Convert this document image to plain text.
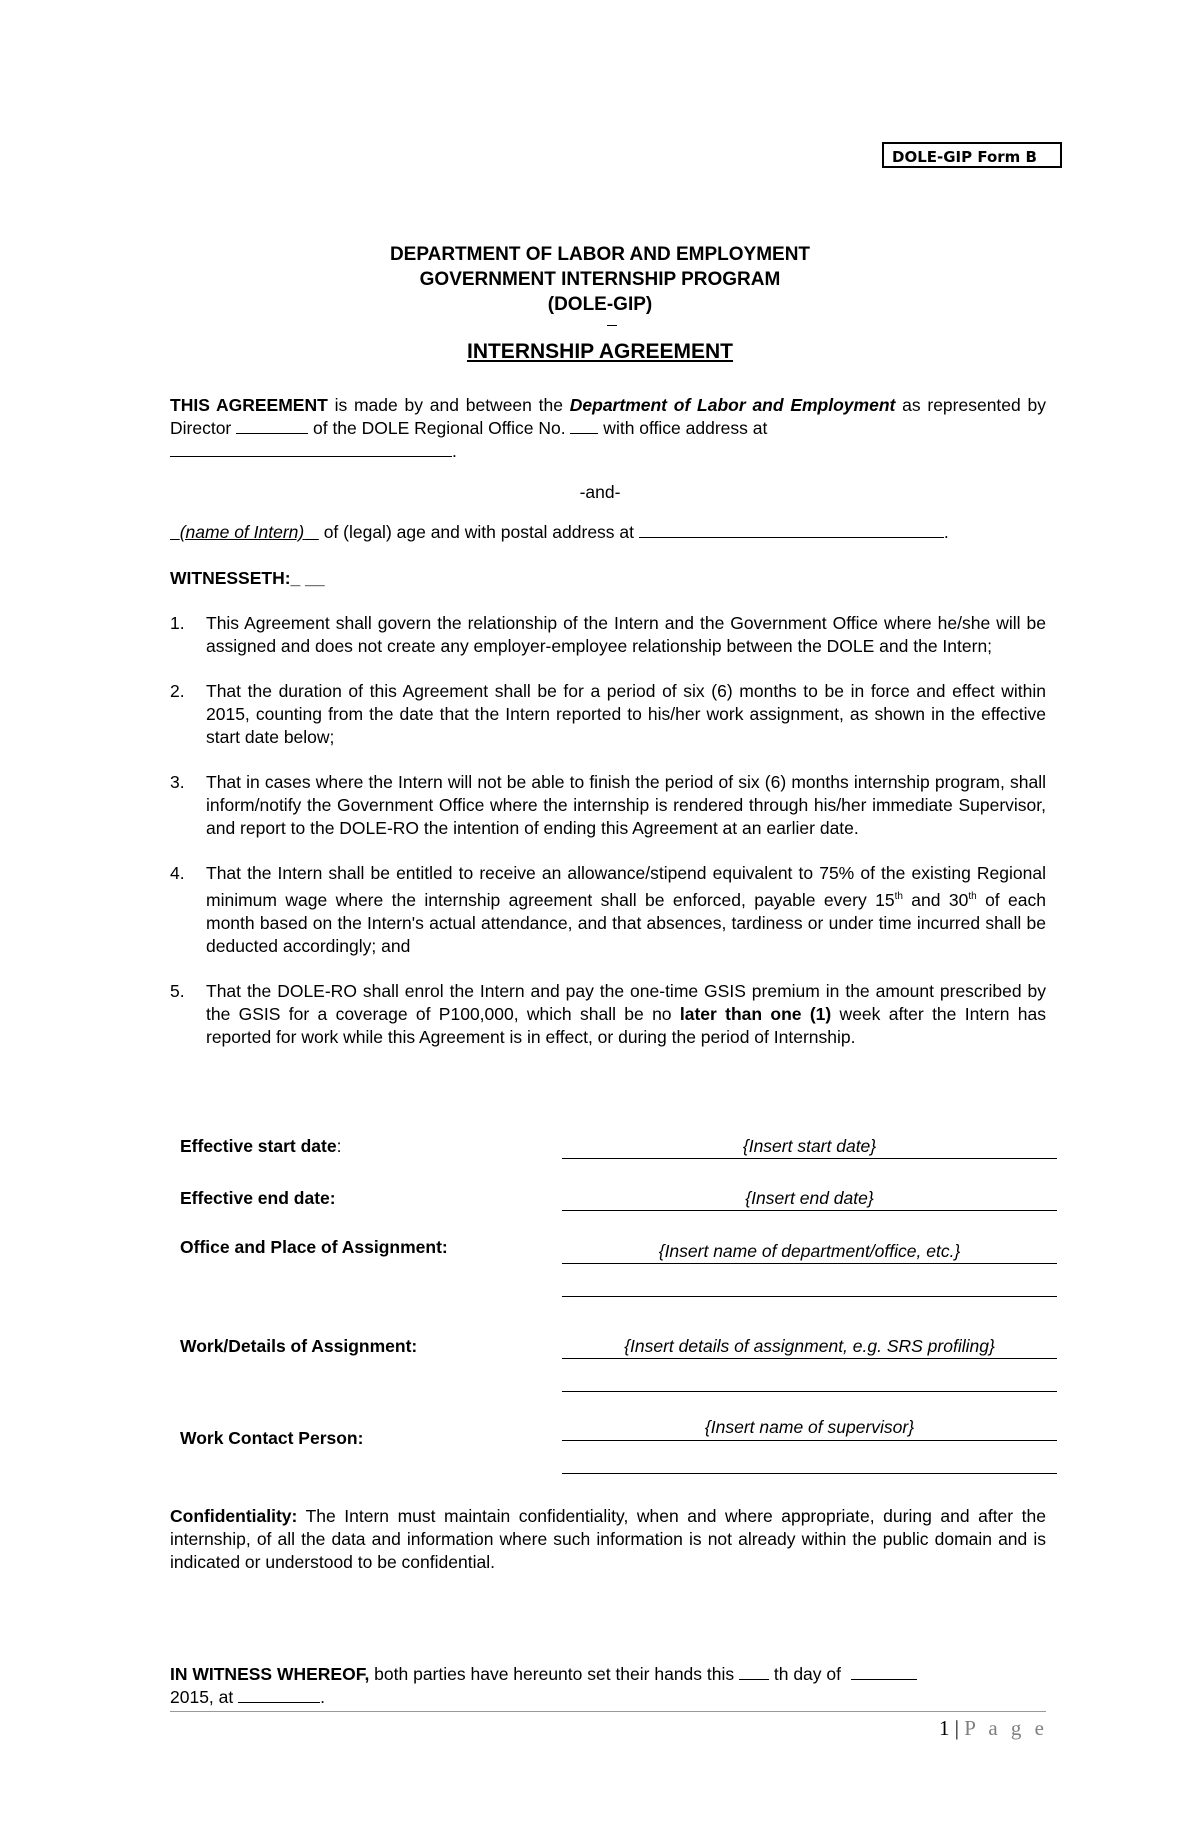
DOLE-GIP Form B
DEPARTMENT OF LABOR AND EMPLOYMENT
GOVERNMENT INTERNSHIP PROGRAM
(DOLE-GIP)
INTERNSHIP AGREEMENT
THIS AGREEMENT is made by and between the Department of Labor and Employment as represented by Director	of the DOLE Regional Office No.  with office address at
.
-and-
(name of Intern)    of (legal) age and with postal address at	.
WITNESSETH:_ __
1. This Agreement shall govern the relationship of the Intern and the Government Office where he/she will be assigned and does not create any employer-employee relationship between the DOLE and the Intern;
2. That the duration of this Agreement shall be for a period of six (6) months to be in force and effect within 2015, counting from the date that the Intern reported to his/her work assignment, as shown in the effective start date below;
3. That in cases where the Intern will not be able to finish the period of six (6) months internship program, shall inform/notify the Government Office where the internship is rendered through his/her immediate Supervisor, and report to the DOLE-RO the intention of ending this Agreement at an earlier date.
4. That the Intern shall be entitled to receive an allowance/stipend equivalent to 75% of the existing Regional minimum wage where the internship agreement shall be enforced, payable every 15th and 30th of each month based on the Intern's actual attendance, and that absences, tardiness or under time incurred shall be deducted accordingly; and
5. That the DOLE-RO shall enrol the Intern and pay the one-time GSIS premium in the amount prescribed by the GSIS for a coverage of P100,000, which shall be no later than one (1) week after the Intern has reported for work while this Agreement is in effect, or during the period of Internship.
Effective start date:	{Insert start date}
Effective end date:	{Insert end date}
Office and Place of Assignment:	{Insert name of department/office, etc.}
Work/Details of Assignment:	{Insert details of assignment, e.g. SRS profiling}
Work Contact Person:
{Insert name of supervisor}
Confidentiality: The Intern must maintain confidentiality, when and where appropriate, during and after the internship, of all the data and information where such information is not already within the public domain and is indicated or understood to be confidential.
IN WITNESS WHEREOF, both parties have hereunto set their hands this  th day of
2015, at	.
1 | P a g e
